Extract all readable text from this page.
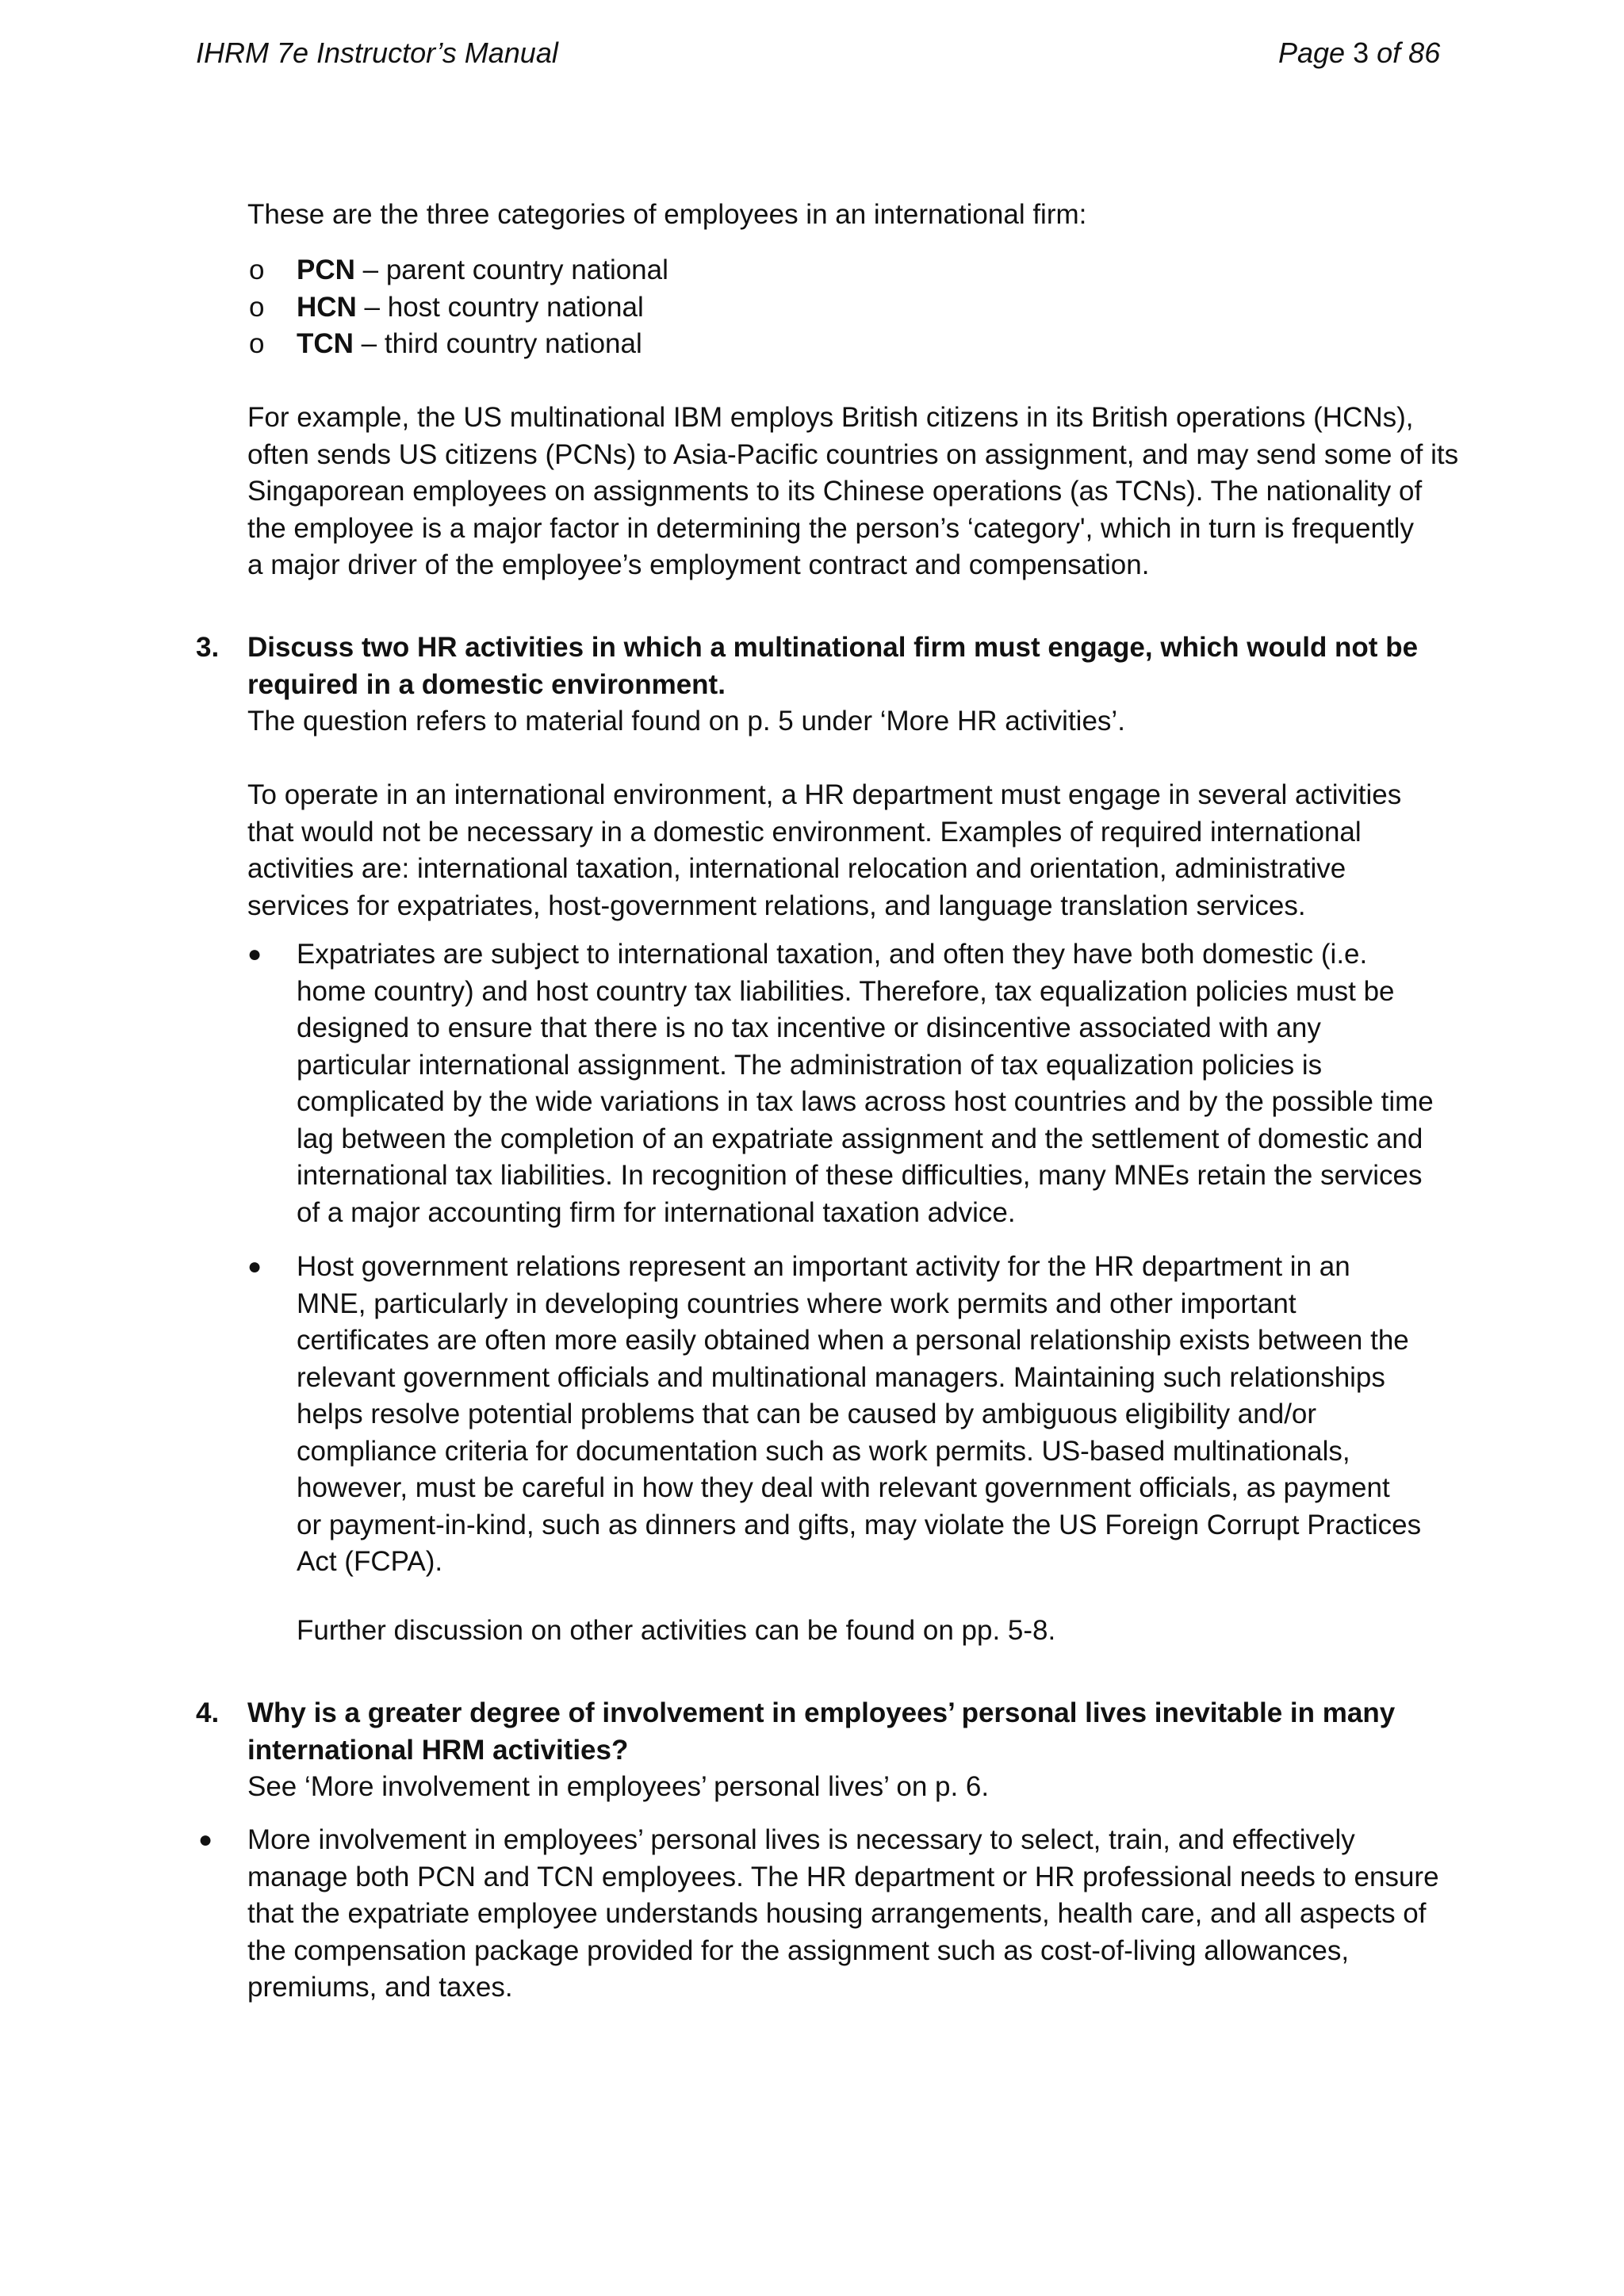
IHRM 7e Instructor’s Manual	Page 3 of 86

These are the three categories of employees in an international firm:

o PCN – parent country national
o HCN – host country national
o TCN – third country national

For example, the US multinational IBM employs British citizens in its British operations (HCNs),

often sends US citizens (PCNs) to Asia-Pacific countries on assignment, and may send some of its

Singaporean employees on assignments to its Chinese operations (as TCNs). The nationality of

the employee is a major factor in determining the person’s ‘category', which in turn is frequently

a major driver of the employee’s employment contract and compensation.

3. Discuss two HR activities in which a multinational firm must engage, which would not be

required in a domestic environment.

The question refers to material found on p. 5 under ‘More HR activities’.

To operate in an international environment, a HR department must engage in several activities

that would not be necessary in a domestic environment. Examples of required international

activities are: international taxation, international relocation and orientation, administrative

services for expatriates, host-government relations, and language translation services.

● Expatriates are subject to international taxation, and often they have both domestic (i.e.

home country) and host country tax liabilities. Therefore, tax equalization policies must be

designed to ensure that there is no tax incentive or disincentive associated with any

particular international assignment. The administration of tax equalization policies is

complicated by the wide variations in tax laws across host countries and by the possible time

lag between the completion of an expatriate assignment and the settlement of domestic and

international tax liabilities. In recognition of these difficulties, many MNEs retain the services

of a major accounting firm for international taxation advice.

● Host government relations represent an important activity for the HR department in an

MNE, particularly in developing countries where work permits and other important

certificates are often more easily obtained when a personal relationship exists between the

relevant government officials and multinational managers. Maintaining such relationships

helps resolve potential problems that can be caused by ambiguous eligibility and/or

compliance criteria for documentation such as work permits. US-based multinationals,

however, must be careful in how they deal with relevant government officials, as payment

or payment-in-kind, such as dinners and gifts, may violate the US Foreign Corrupt Practices

Act (FCPA).

Further discussion on other activities can be found on pp. 5-8.

4. Why is a greater degree of involvement in employees’ personal lives inevitable in many

international HRM activities?

See ‘More involvement in employees’ personal lives’ on p. 6.

● More involvement in employees’ personal lives is necessary to select, train, and effectively

manage both PCN and TCN employees. The HR department or HR professional needs to ensure

that the expatriate employee understands housing arrangements, health care, and all aspects of

the compensation package provided for the assignment such as cost-of-living allowances,

premiums, and taxes.
